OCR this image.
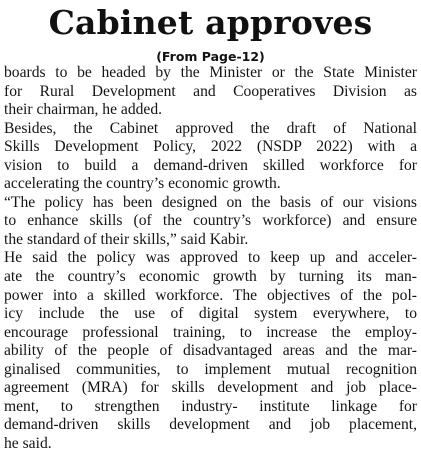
Cabinet approves
(From Page-12)
boards to be headed by the Minister or the State Minister
for Rural Development and Cooperatives Division as
their chairman, he added.
Besides, the Cabinet approved the draft of National
Skills Development Policy, 2022 (NSDP 2022) with a
vision to build a demand-driven skilled workforce for
accelerating the country’s economic growth.
“The policy has been designed on the basis of our visions
to enhance skills (of the country’s workforce) and ensure
the standard of their skills,” said Kabir.
He said the policy was approved to keep up and acceler-
ate the country’s economic growth by turning its man-
power into a skilled workforce. The objectives of the pol-
icy include the use of digital system everywhere, to
encourage professional training, to increase the employ-
ability of the people of disadvantaged areas and the mar-
ginalised communities, to implement mutual recognition
agreement (MRA) for skills development and job place-
ment, to strengthen industry- institute linkage for
demand-driven skills development and job placement,
he said.
